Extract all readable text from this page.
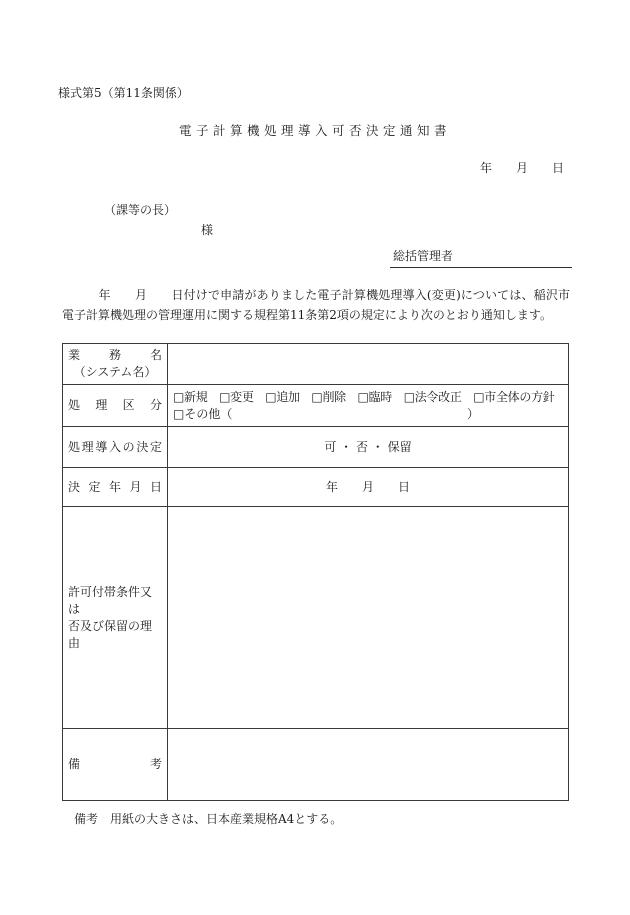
様式第5（第11条関係）
電子計算機処理導入可否決定通知書
年　　月　　日
（課等の長）
様
総括管理者
　　　年　　月　　日付けで申請がありました電子計算機処理導入(変更)については、稲沢市電子計算機処理の管理運用に関する規程第11条第2項の規定により次のとおり通知します。
業務名
（システム名）	

処理区分	□新規　□変更　□追加　□削除　□臨時　□法令改正　□市全体の方針
□その他（ ）

処理導入の決定	可 ・ 否 ・ 保留

決定年月日	年　　月　　日

許可付帯条件又は
否及び保留の理由	

備考	

備考　用紙の大きさは、日本産業規格A4とする。
